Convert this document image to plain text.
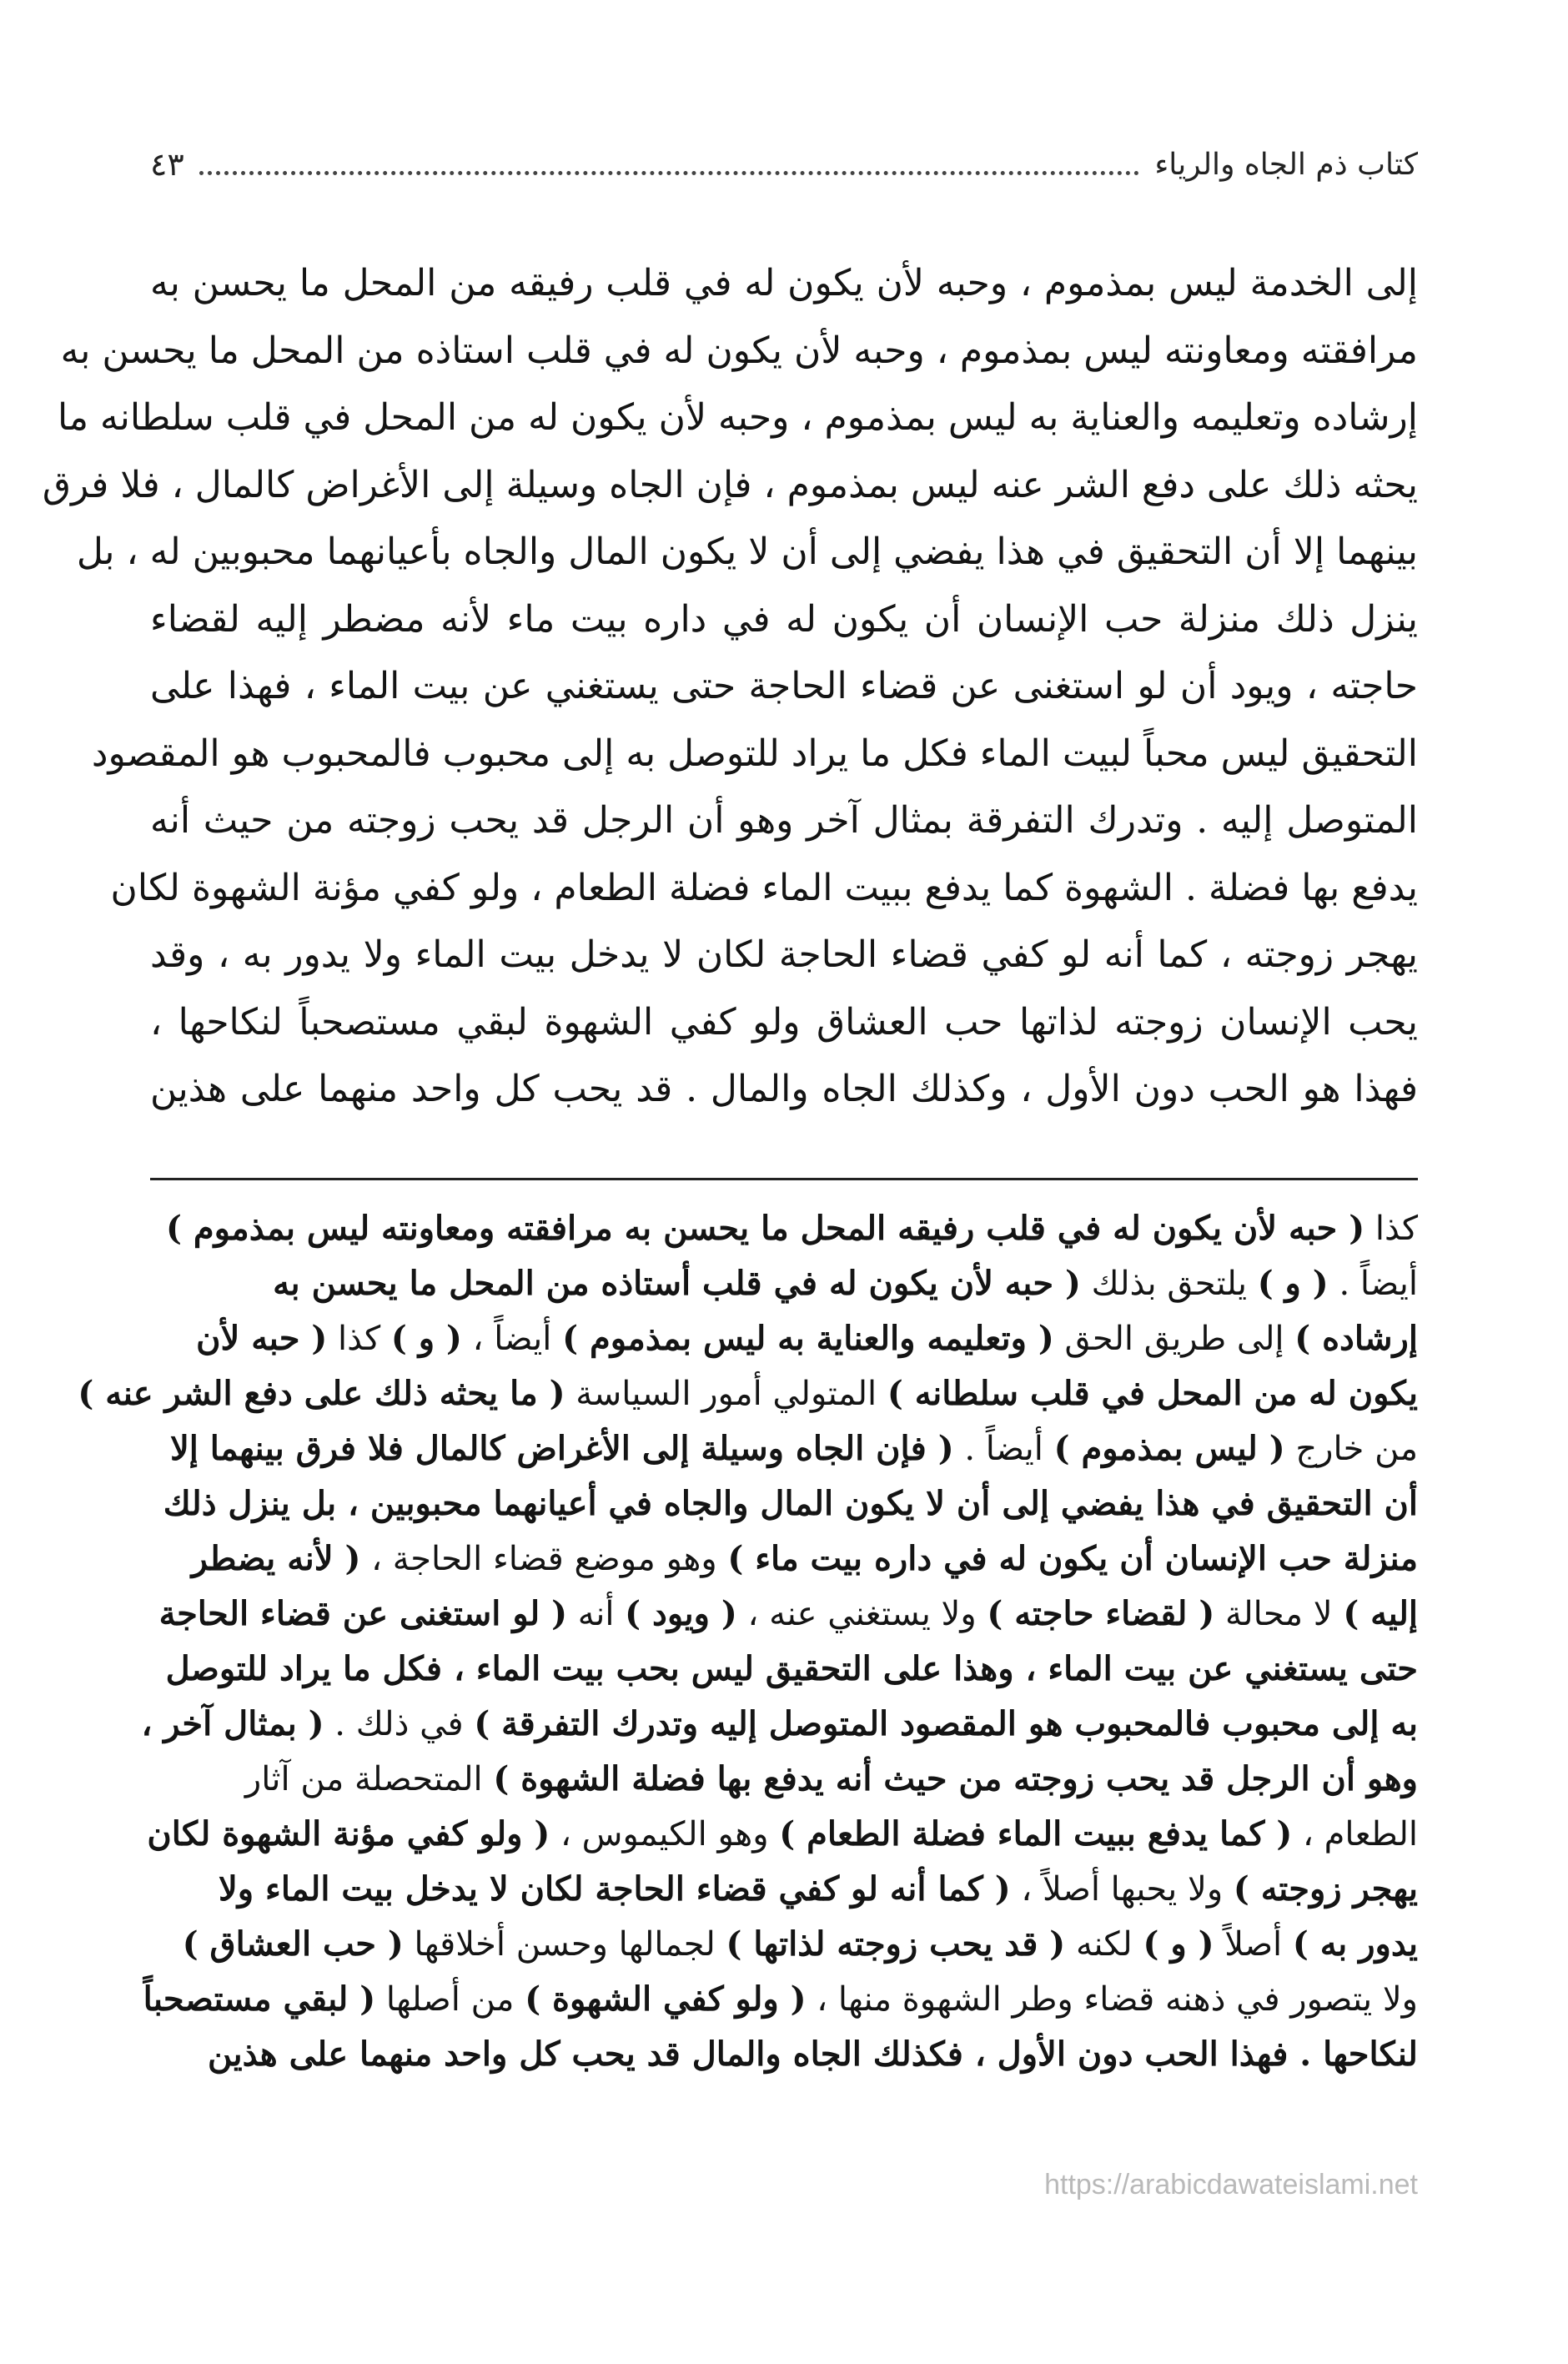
كتاب ذم الجاه والرياء
٤٣
إلى الخدمة ليس بمذموم ، وحبه لأن يكون له في قلب رفيقه من المحل ما يحسن به
مرافقته ومعاونته ليس بمذموم ، وحبه لأن يكون له في قلب استاذه من المحل ما يحسن به
إرشاده وتعليمه والعناية به ليس بمذموم ، وحبه لأن يكون له من المحل في قلب سلطانه ما
يحثه ذلك على دفع الشر عنه ليس بمذموم ، فإن الجاه وسيلة إلى الأغراض كالمال ، فلا فرق
بينهما إلا أن التحقيق في هذا يفضي إلى أن لا يكون المال والجاه بأعيانهما محبوبين له ، بل
ينزل ذلك منزلة حب الإنسان أن يكون له في داره بيت ماء لأنه مضطر إليه لقضاء
حاجته ، ويود أن لو استغنى عن قضاء الحاجة حتى يستغني عن بيت الماء ، فهذا على
التحقيق ليس محباً لبيت الماء فكل ما يراد للتوصل به إلى محبوب فالمحبوب هو المقصود
المتوصل إليه . وتدرك التفرقة بمثال آخر وهو أن الرجل قد يحب زوجته من حيث أنه
يدفع بها فضلة . الشهوة كما يدفع ببيت الماء فضلة الطعام ، ولو كفي مؤنة الشهوة لكان
يهجر زوجته ، كما أنه لو كفي قضاء الحاجة لكان لا يدخل بيت الماء ولا يدور به ، وقد
يحب الإنسان زوجته لذاتها حب العشاق ولو كفي الشهوة لبقي مستصحباً لنكاحها ،
فهذا هو الحب دون الأول ، وكذلك الجاه والمال . قد يحب كل واحد منهما على هذين
كذا ( حبه لأن يكون له في قلب رفيقه المحل ما يحسن به مرافقته ومعاونته ليس بمذموم )
أيضاً . ( و ) يلتحق بذلك ( حبه لأن يكون له في قلب أستاذه من المحل ما يحسن به
إرشاده ) إلى طريق الحق ( وتعليمه والعناية به ليس بمذموم ) أيضاً ، ( و ) كذا ( حبه لأن
يكون له من المحل في قلب سلطانه ) المتولي أمور السياسة ( ما يحثه ذلك على دفع الشر عنه )
من خارج ( ليس بمذموم ) أيضاً . ( فإن الجاه وسيلة إلى الأغراض كالمال فلا فرق بينهما إلا
أن التحقيق في هذا يفضي إلى أن لا يكون المال والجاه في أعيانهما محبوبين ، بل ينزل ذلك
منزلة حب الإنسان أن يكون له في داره بيت ماء ) وهو موضع قضاء الحاجة ، ( لأنه يضطر
إليه ) لا محالة ( لقضاء حاجته ) ولا يستغني عنه ، ( ويود ) أنه ( لو استغنى عن قضاء الحاجة
حتى يستغني عن بيت الماء ، وهذا على التحقيق ليس بحب بيت الماء ، فكل ما يراد للتوصل
به إلى محبوب فالمحبوب هو المقصود المتوصل إليه وتدرك التفرقة ) في ذلك . ( بمثال آخر ،
وهو أن الرجل قد يحب زوجته من حيث أنه يدفع بها فضلة الشهوة ) المتحصلة من آثار
الطعام ، ( كما يدفع ببيت الماء فضلة الطعام ) وهو الكيموس ، ( ولو كفي مؤنة الشهوة لكان
يهجر زوجته ) ولا يحبها أصلاً ، ( كما أنه لو كفي قضاء الحاجة لكان لا يدخل بيت الماء ولا
يدور به ) أصلاً ( و ) لكنه ( قد يحب زوجته لذاتها ) لجمالها وحسن أخلاقها ( حب العشاق )
ولا يتصور في ذهنه قضاء وطر الشهوة منها ، ( ولو كفي الشهوة ) من أصلها ( لبقي مستصحباً
لنكاحها . فهذا الحب دون الأول ، فكذلك الجاه والمال قد يحب كل واحد منهما على هذين
https://arabicdawateislami.net
